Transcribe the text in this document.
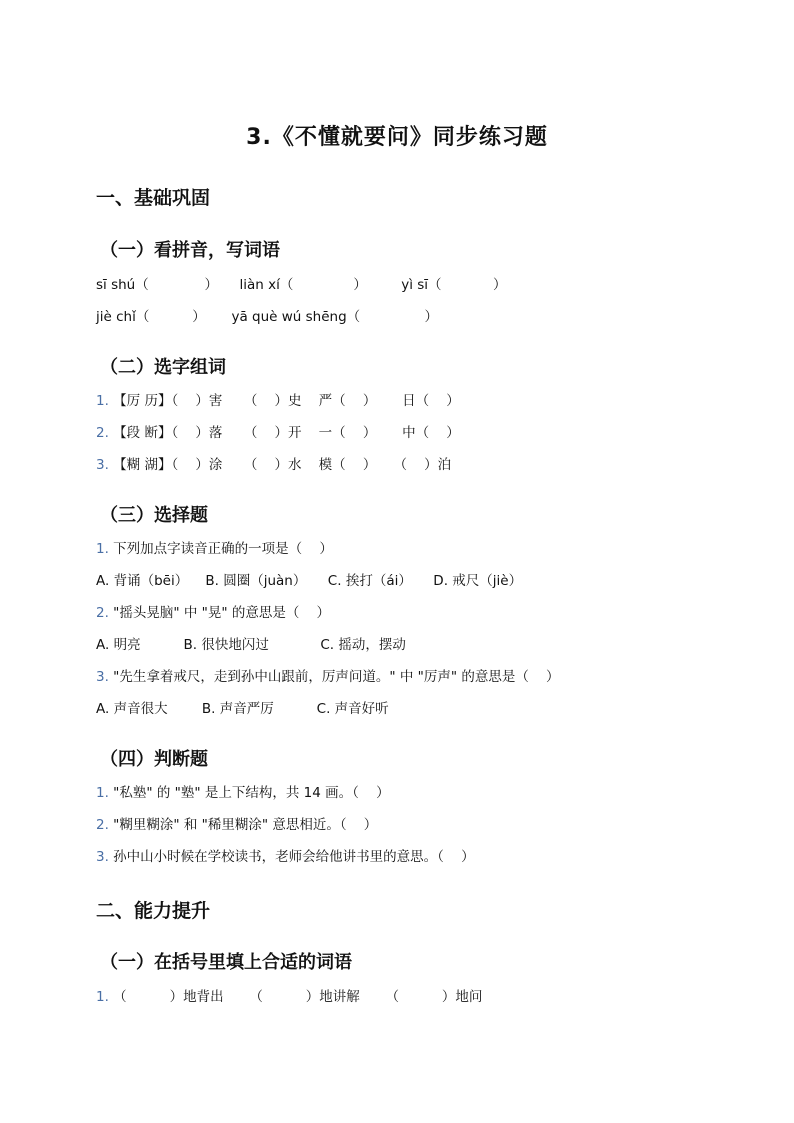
3.《不懂就要问》同步练习题
一、基础巩固
（一）看拼音，写词语
sī shú（             ）     liàn xí（              ）        yì sī（            ）
jiè chǐ（          ）      yā què wú shēng（               ）
（二）选字组词
1. 【厉 历】（    ）害     （    ）史    严（    ）      日（    ）
2. 【段 断】（    ）落     （    ）开    一（    ）      中（    ）
3. 【糊 湖】（    ）涂     （    ）水    模（    ）    （    ）泊
（三）选择题
1. 下列加点字读音正确的一项是（    ）
A. 背诵（bēi）    B. 圆圈（juàn）     C. 挨打（ái）     D. 戒尺（jiè）
2. "摇头晃脑" 中 "晃" 的意思是（    ）
A. 明亮          B. 很快地闪过            C. 摇动，摆动
3. "先生拿着戒尺，走到孙中山跟前，厉声问道。" 中 "厉声" 的意思是（    ）
A. 声音很大        B. 声音严厉          C. 声音好听
（四）判断题
1. "私塾" 的 "塾" 是上下结构，共 14 画。（    ）
2. "糊里糊涂" 和 "稀里糊涂" 意思相近。（    ）
3. 孙中山小时候在学校读书，老师会给他讲书里的意思。（    ）
二、能力提升
（一）在括号里填上合适的词语
1. （          ）地背出      （          ）地讲解      （          ）地问
